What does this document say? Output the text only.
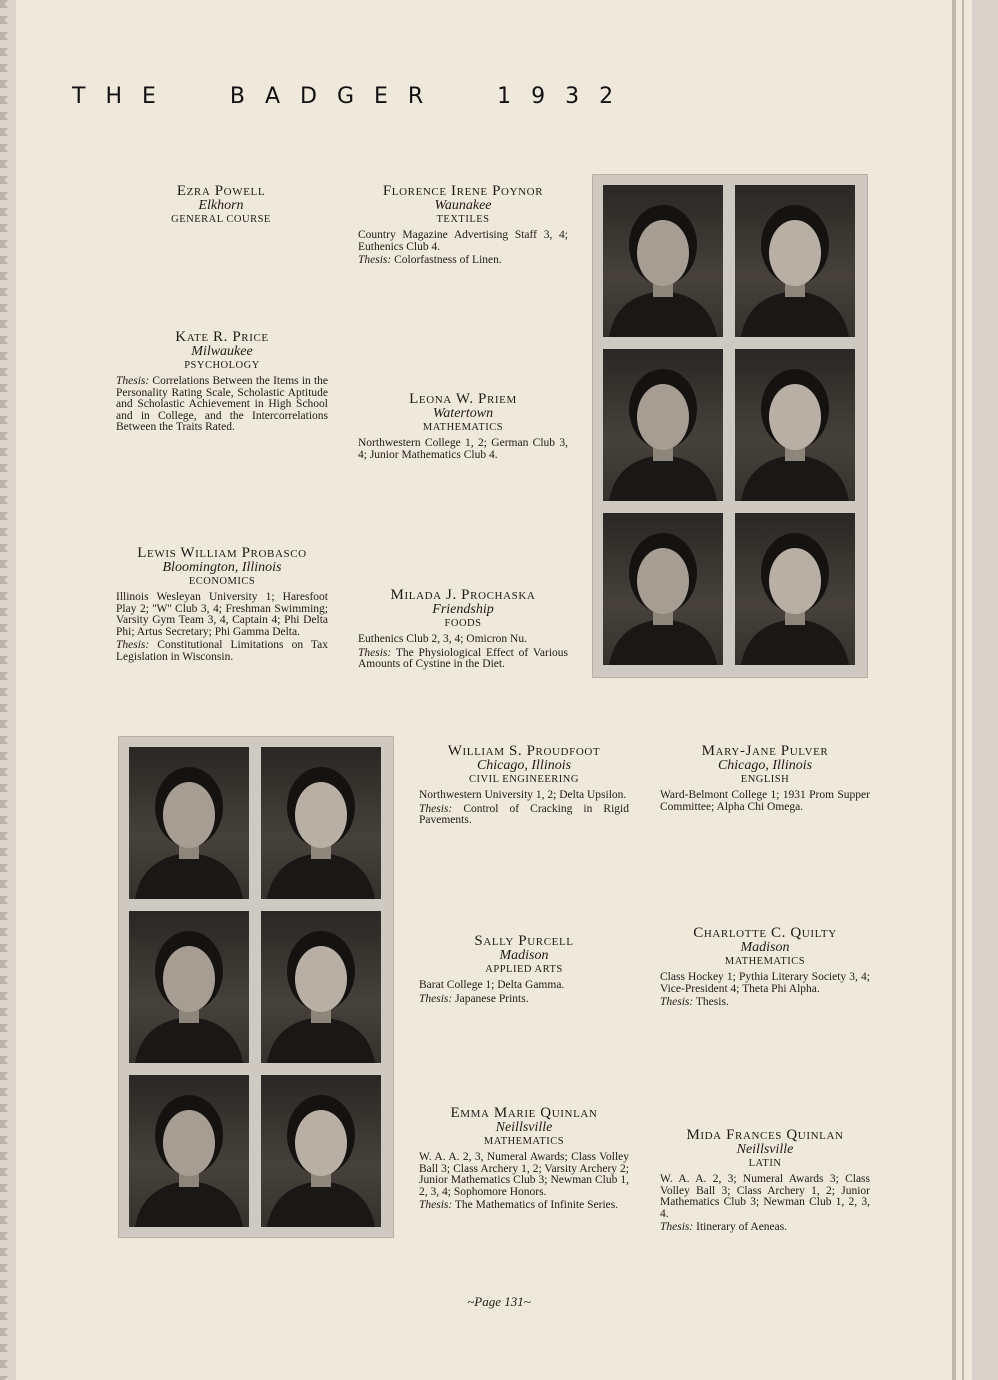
THE  BADGER  1932
Ezra Powell
Elkhorn
GENERAL COURSE
Florence Irene Poynor
Waunakee
TEXTILES
Country Magazine Advertising Staff 3, 4; Euthenics Club 4.
Thesis: Colorfastness of Linen.
Kate R. Price
Milwaukee
PSYCHOLOGY
Thesis: Correlations Between the Items in the Personality Rating Scale, Scholastic Aptitude and Scholastic Achievement in High School and in College, and the Intercorrelations Between the Traits Rated.
Leona W. Priem
Watertown
MATHEMATICS
Northwestern College 1, 2; German Club 3, 4; Junior Mathematics Club 4.
Lewis William Probasco
Bloomington, Illinois
ECONOMICS
Illinois Wesleyan University 1; Haresfoot Play 2; ''W'' Club 3, 4; Freshman Swimming; Varsity Gym Team 3, 4, Captain 4; Phi Delta Phi; Artus Secretary; Phi Gamma Delta.
Thesis: Constitutional Limitations on Tax Legislation in Wisconsin.
Milada J. Prochaska
Friendship
FOODS
Euthenics Club 2, 3, 4; Omicron Nu.
Thesis: The Physiological Effect of Various Amounts of Cystine in the Diet.
William S. Proudfoot
Chicago, Illinois
CIVIL ENGINEERING
Northwestern University 1, 2; Delta Upsilon.
Thesis: Control of Cracking in Rigid Pavements.
Mary-Jane Pulver
Chicago, Illinois
ENGLISH
Ward-Belmont College 1; 1931 Prom Supper Committee; Alpha Chi Omega.
Sally Purcell
Madison
APPLIED ARTS
Barat College 1; Delta Gamma.
Thesis: Japanese Prints.
Charlotte C. Quilty
Madison
MATHEMATICS
Class Hockey 1; Pythia Literary Society 3, 4; Vice-President 4; Theta Phi Alpha.
Thesis: Thesis.
Emma Marie Quinlan
Neillsville
MATHEMATICS
W. A. A. 2, 3, Numeral Awards; Class Volley Ball 3; Class Archery 1, 2; Varsity Archery 2; Junior Mathematics Club 3; Newman Club 1, 2, 3, 4; Sophomore Honors.
Thesis: The Mathematics of Infinite Series.
Mida Frances Quinlan
Neillsville
LATIN
W. A. A. 2, 3; Numeral Awards 3; Class Volley Ball 3; Class Archery 1, 2; Junior Mathematics Club 3; Newman Club 1, 2, 3, 4.
Thesis: Itinerary of Aeneas.
~Page 131~
